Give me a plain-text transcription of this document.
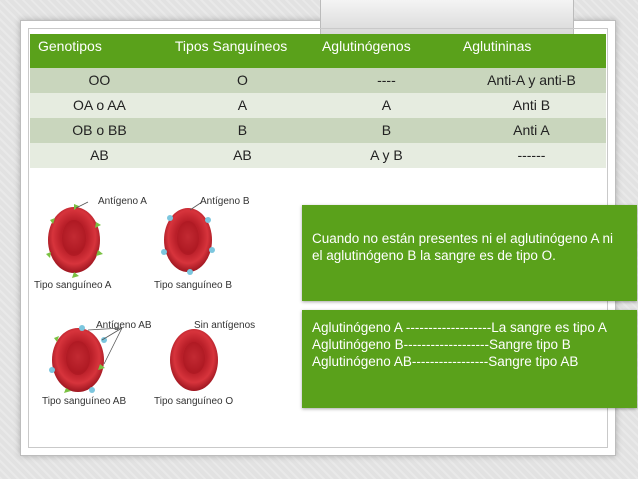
Genotipos	Tipos Sanguíneos	Aglutinógenos	Aglutininas
OO	O	----	Anti-A y anti-B
OA o AA	A	A	Anti B
OB o BB	B	B	Anti A
AB	AB	A y B	------
Antígeno A	Antígeno B
Tipo sanguíneo A	Tipo sanguíneo B
Antígeno AB	Sin antígenos
Tipo sanguíneo AB	Tipo sanguíneo O
Cuando no están presentes ni el aglutinógeno A ni el aglutinógeno B la sangre es de tipo O.
Aglutinógeno A -------------------La sangre es tipo A
Aglutinógeno B-------------------Sangre tipo B
Aglutinógeno AB-----------------Sangre tipo AB
